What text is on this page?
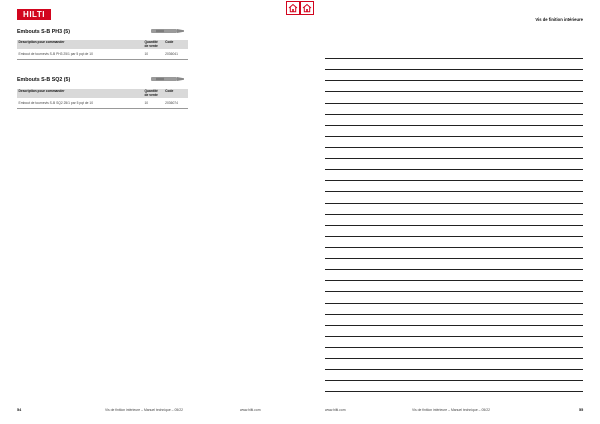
HILTI
Embouts S-B PH3 (5)
Description pour commander	Quantité de vente	Code
Embout de tournevis S-B PH3 25/1 par 5 pqt de 10	10	2036041
Embouts S-B SQ2 (5)
Description pour commander	Quantité de vente	Code
Embout de tournevis S-B SQ2 25/1 par 5 pqt de 10	10	2036074
54	Vis de finition intérieure – Manuel technique – 05/22	www.hilti.com
Vis de finition intérieure
www.hilti.com	Vis de finition intérieure – Manuel technique – 05/22	55
